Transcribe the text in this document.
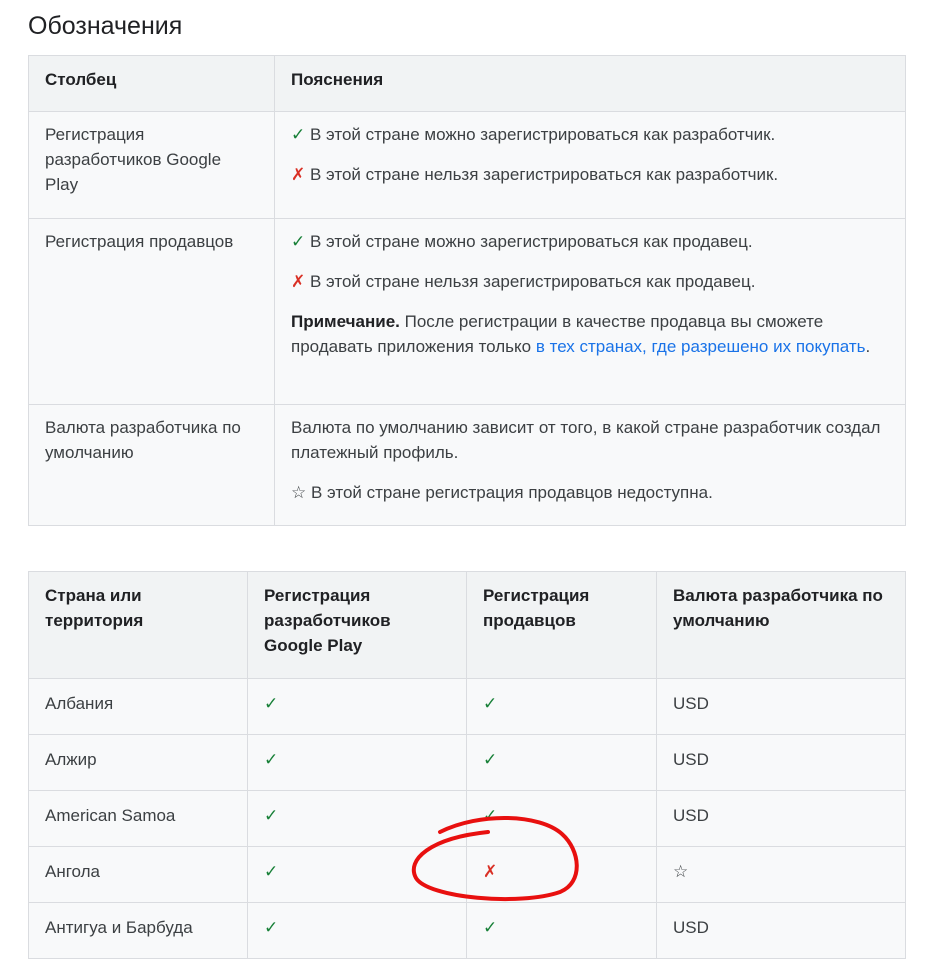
Обозначения
Столбец	Пояснения
Регистрация разработчиков Google Play	✓ В этой стране можно зарегистрироваться как разработчик.

✗ В этой стране нельзя зарегистрироваться как разработчик.

Регистрация продавцов	✓ В этой стране можно зарегистрироваться как продавец.

✗ В этой стране нельзя зарегистрироваться как продавец.

Примечание. После регистрации в качестве продавца вы сможете продавать приложения только в тех странах, где разрешено их покупать.

Валюта разработчика по умолчанию	Валюта по умолчанию зависит от того, в какой стране разработчик создал платежный профиль.

☆ В этой стране регистрация продавцов недоступна.

Страна или территория	Регистрация разработчиков Google Play	Регистрация продавцов	Валюта разработчика по умолчанию
Албания	✓	✓	USD
Алжир	✓	✓	USD
American Samoa	✓	✓	USD
Ангола	✓	✗	☆
Антигуа и Барбуда	✓	✓	USD
